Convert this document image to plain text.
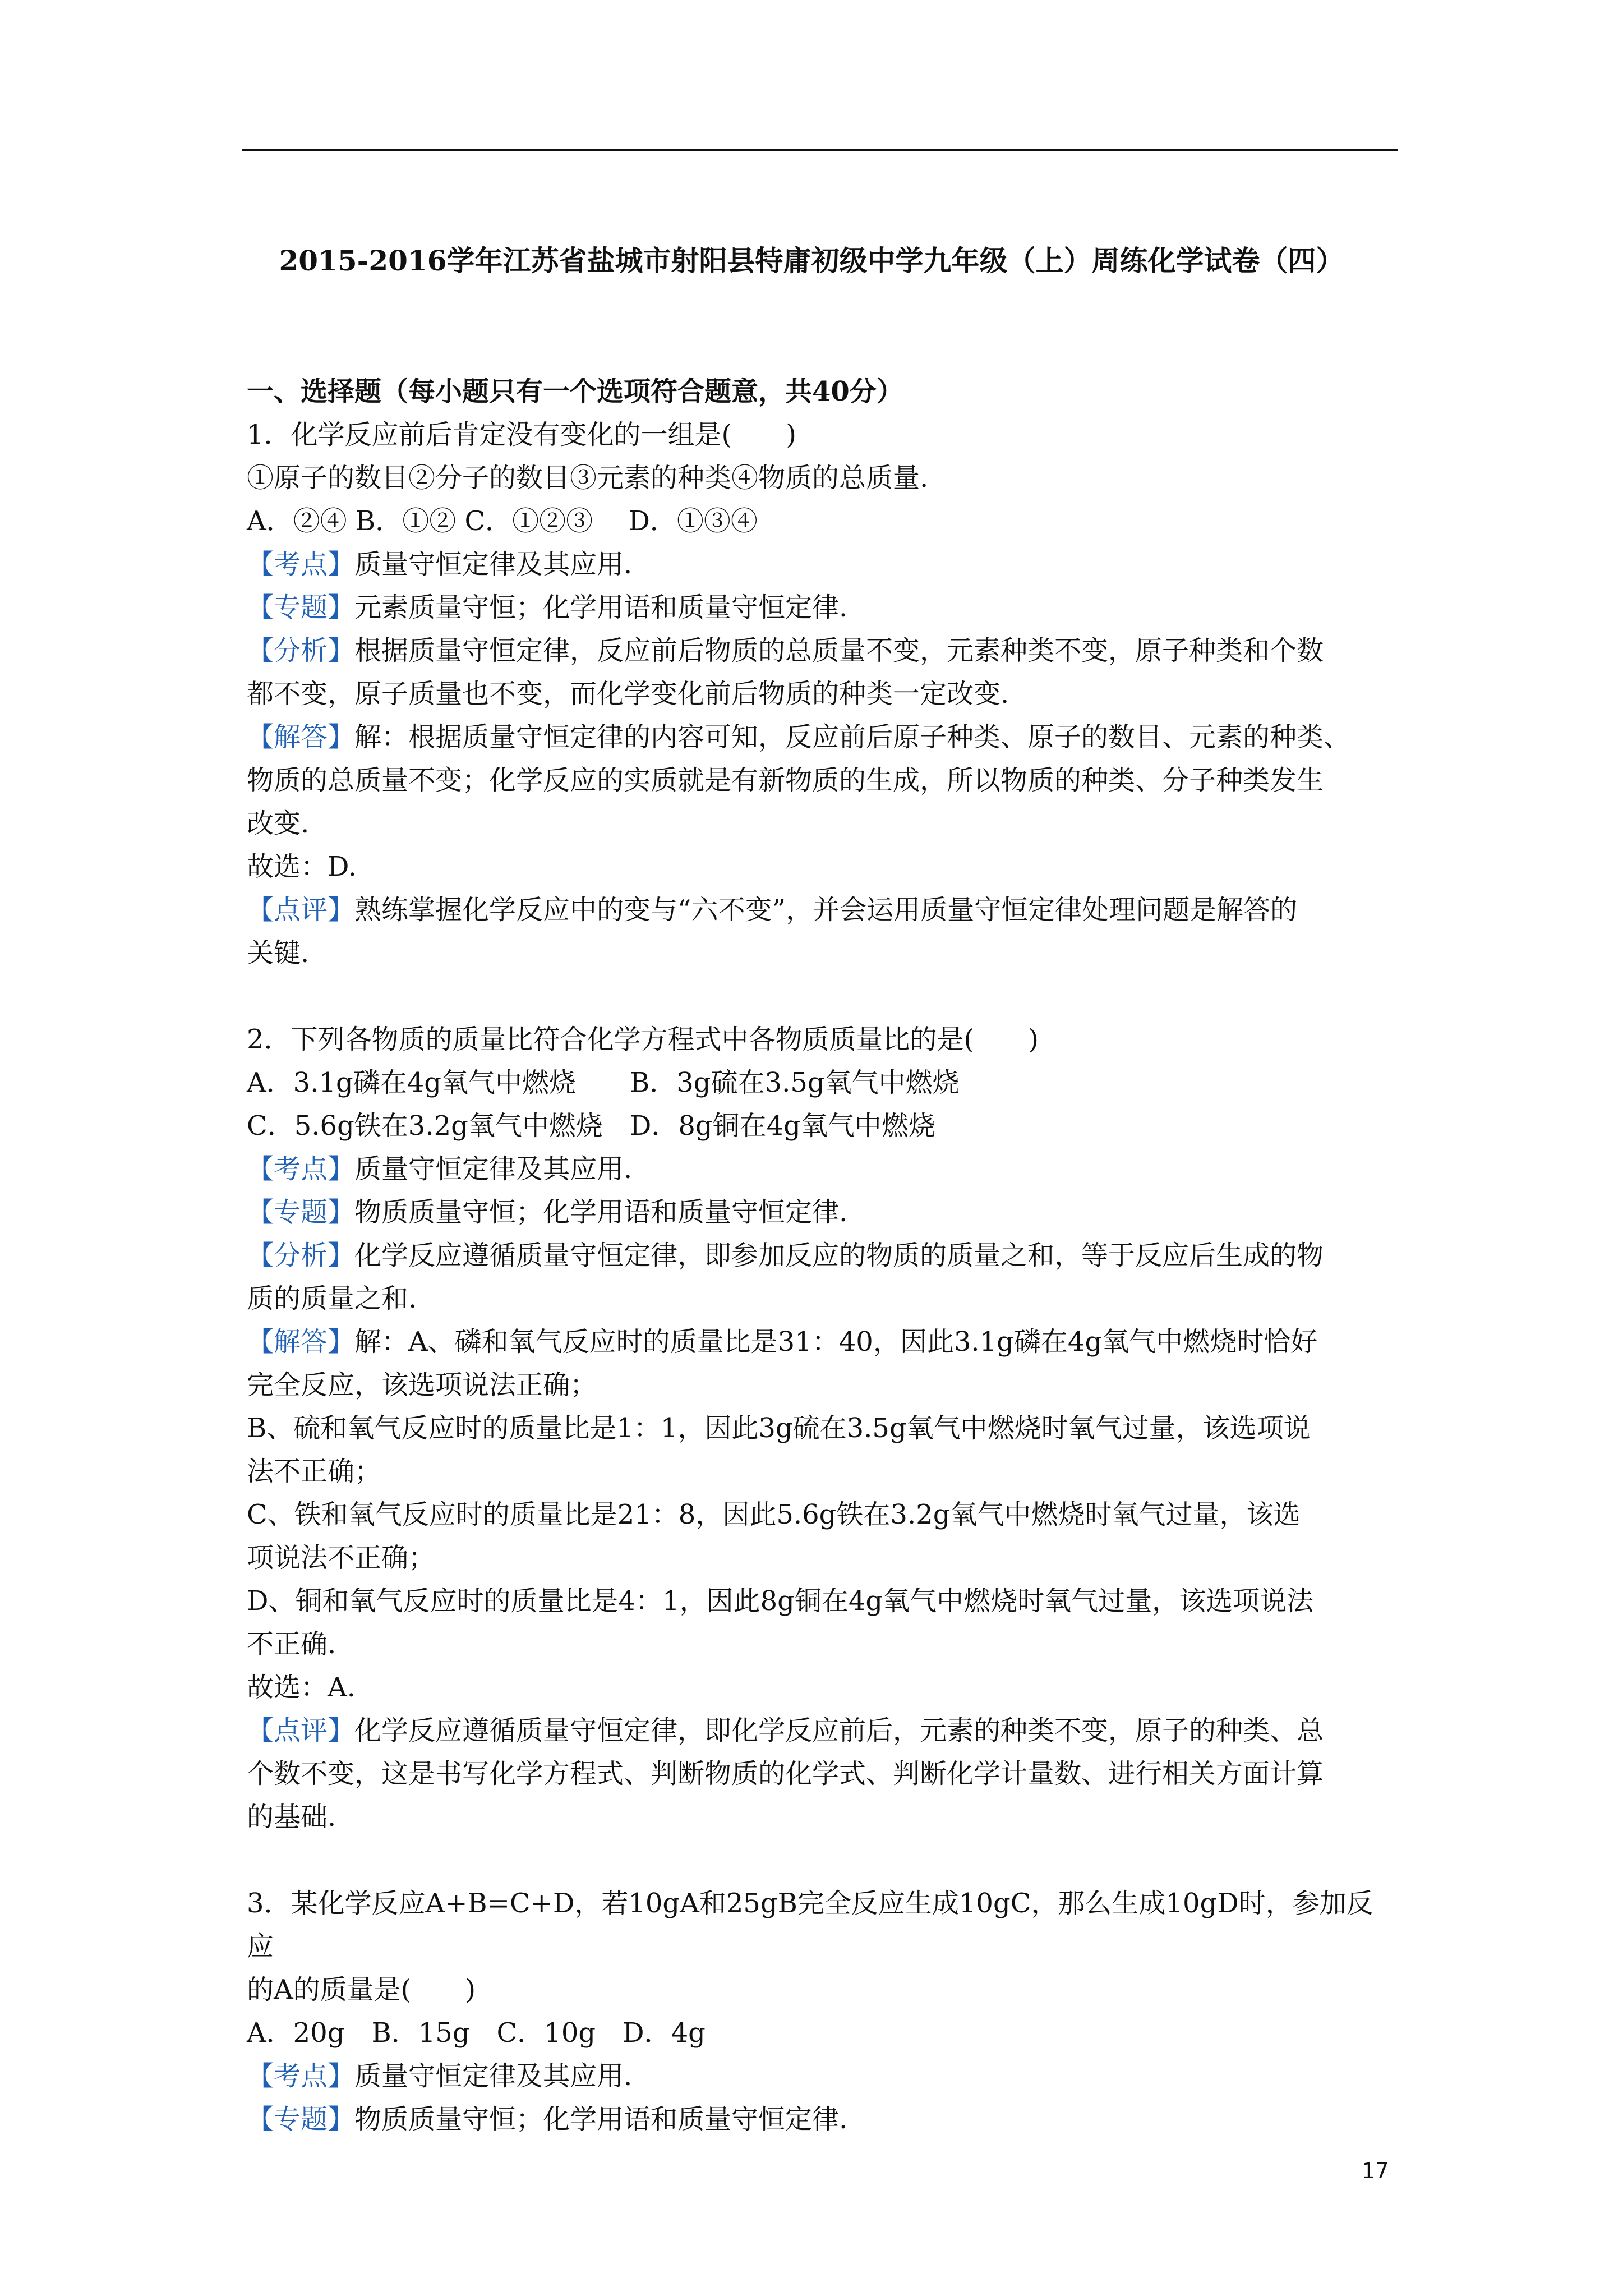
2015-2016学年江苏省盐城市射阳县特庸初级中学九年级（上）周练化学试卷（四）

一、选择题（每小题只有一个选项符合题意，共40分）

1．化学反应前后肯定没有变化的一组是(　　)

①原子的数目②分子的数目③元素的种类④物质的总质量.

A．②④ B．①② C．①②③　 D．①③④

【考点】质量守恒定律及其应用.

【专题】元素质量守恒；化学用语和质量守恒定律.

【分析】根据质量守恒定律，反应前后物质的总质量不变，元素种类不变，原子种类和个数

都不变，原子质量也不变，而化学变化前后物质的种类一定改变.

【解答】解：根据质量守恒定律的内容可知，反应前后原子种类、原子的数目、元素的种类、

物质的总质量不变；化学反应的实质就是有新物质的生成，所以物质的种类、分子种类发生

改变.

故选：D.

【点评】熟练掌握化学反应中的变与“六不变”，并会运用质量守恒定律处理问题是解答的

关键.

2．下列各物质的质量比符合化学方程式中各物质质量比的是(　　)

A．3.1g磷在4g氧气中燃烧　　B．3g硫在3.5g氧气中燃烧

C．5.6g铁在3.2g氧气中燃烧　D．8g铜在4g氧气中燃烧

【考点】质量守恒定律及其应用.

【专题】物质质量守恒；化学用语和质量守恒定律.

【分析】化学反应遵循质量守恒定律，即参加反应的物质的质量之和，等于反应后生成的物

质的质量之和.

【解答】解：A、磷和氧气反应时的质量比是31：40，因此3.1g磷在4g氧气中燃烧时恰好

完全反应，该选项说法正确；

B、硫和氧气反应时的质量比是1：1，因此3g硫在3.5g氧气中燃烧时氧气过量，该选项说

法不正确；

C、铁和氧气反应时的质量比是21：8，因此5.6g铁在3.2g氧气中燃烧时氧气过量，该选

项说法不正确；

D、铜和氧气反应时的质量比是4：1，因此8g铜在4g氧气中燃烧时氧气过量，该选项说法

不正确.

故选：A.

【点评】化学反应遵循质量守恒定律，即化学反应前后，元素的种类不变，原子的种类、总

个数不变，这是书写化学方程式、判断物质的化学式、判断化学计量数、进行相关方面计算

的基础.

3．某化学反应A+B=C+D，若10gA和25gB完全反应生成10gC，那么生成10gD时，参加反应

的A的质量是(　　)

A．20g　B．15g　C．10g　D．4g

【考点】质量守恒定律及其应用.

【专题】物质质量守恒；化学用语和质量守恒定律.

17
